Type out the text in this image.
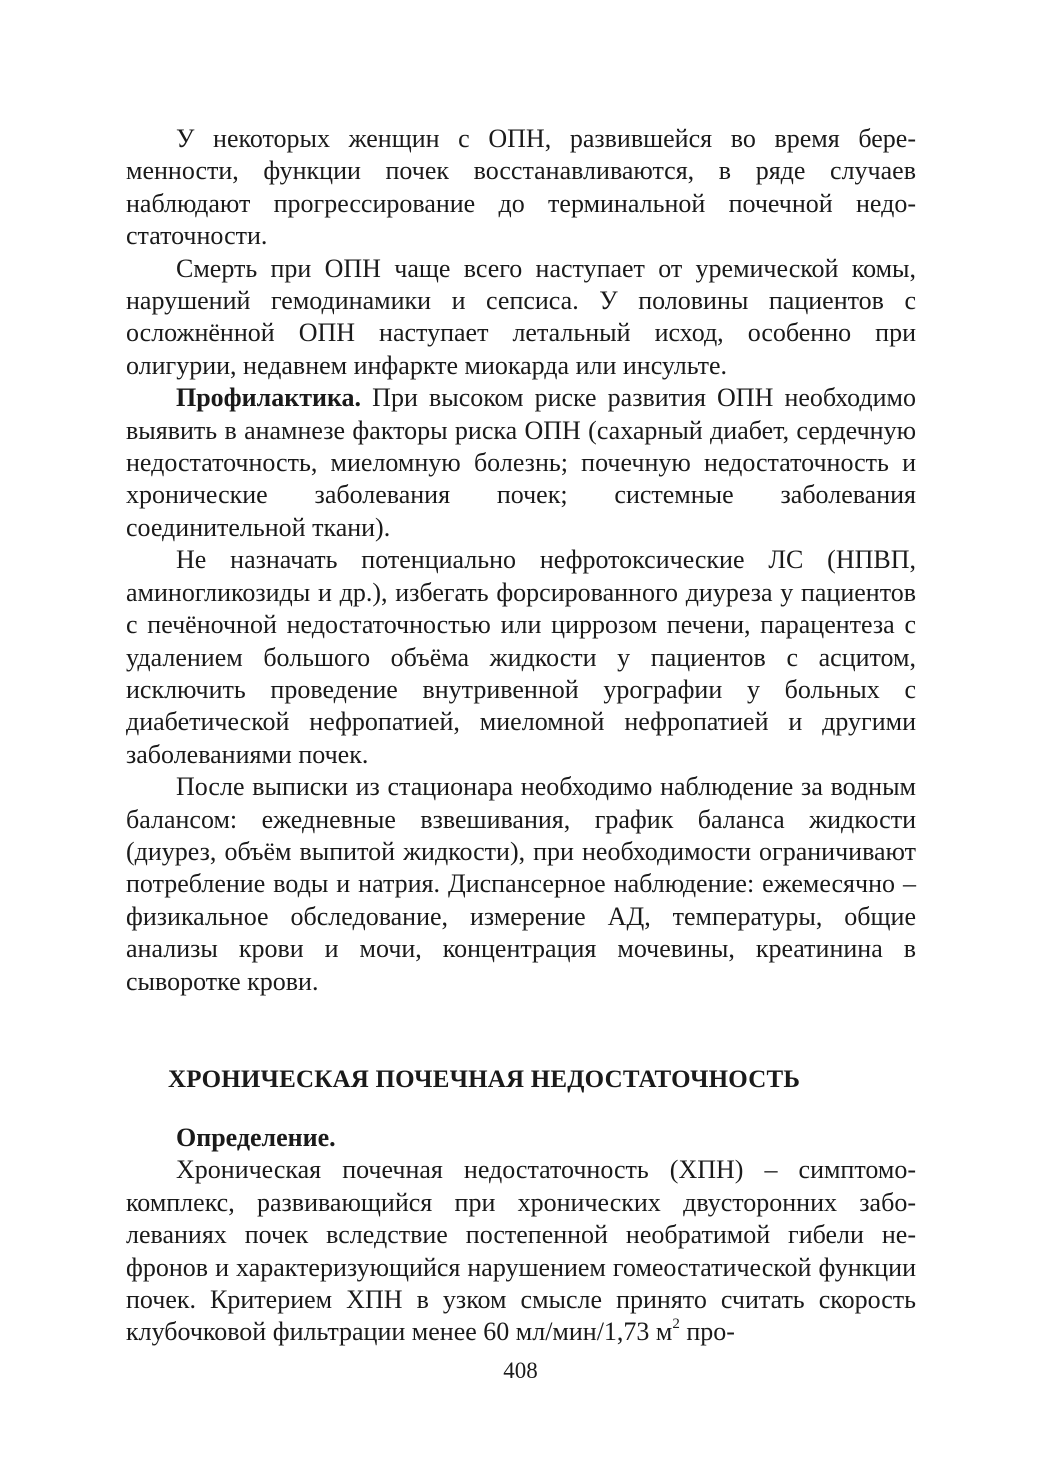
У некоторых женщин с ОПН, развившейся во время беременности, функции почек восстанавливаются, в ряде случаев наблюдают прогрессирование до терминальной почечной недостаточности.

Смерть при ОПН чаще всего наступает от уремической комы, нарушений гемодинамики и сепсиса. У половины пациентов с осложнённой ОПН наступает летальный исход, особенно при олигурии, недавнем инфаркте миокарда или инсульте.

Профилактика. При высоком риске развития ОПН необходимо выявить в анамнезе факторы риска ОПН (сахарный диабет, сердечную недостаточность, миеломную болезнь; почечную недостаточность и хронические заболевания почек; системные заболевания соединительной ткани).

Не назначать потенциально нефротоксические ЛС (НПВП, аминогликозиды и др.), избегать форсированного диуреза у пациентов с печёночной недостаточностью или циррозом печени, парацентеза с удалением большого объёма жидкости у пациентов с асцитом, исключить проведение внутривенной урографии у больных с диабетической нефропатией, миеломной нефропатией и другими заболеваниями почек.

После выписки из стационара необходимо наблюдение за водным балансом: ежедневные взвешивания, график баланса жидкости (диурез, объём выпитой жидкости), при необходимости ограничивают потребление воды и натрия. Диспансерное наблюдение: ежемесячно – физикальное обследование, измерение АД, температуры, общие анализы крови и мочи, концентрация мочевины, креатинина в сыворотке крови.

ХРОНИЧЕСКАЯ ПОЧЕЧНАЯ НЕДОСТАТОЧНОСТЬ

Определение.

Хроническая почечная недостаточность (ХПН) – симптомокомплекс, развивающийся при хронических двусторонних заболеваниях почек вследствие постепенной необратимой гибели нефронов и характеризующийся нарушением гомеостатической функции почек. Критерием ХПН в узком смысле принято считать скорость клубочковой фильтрации менее 60 мл/мин/1,73 $м^2$ про-

408
